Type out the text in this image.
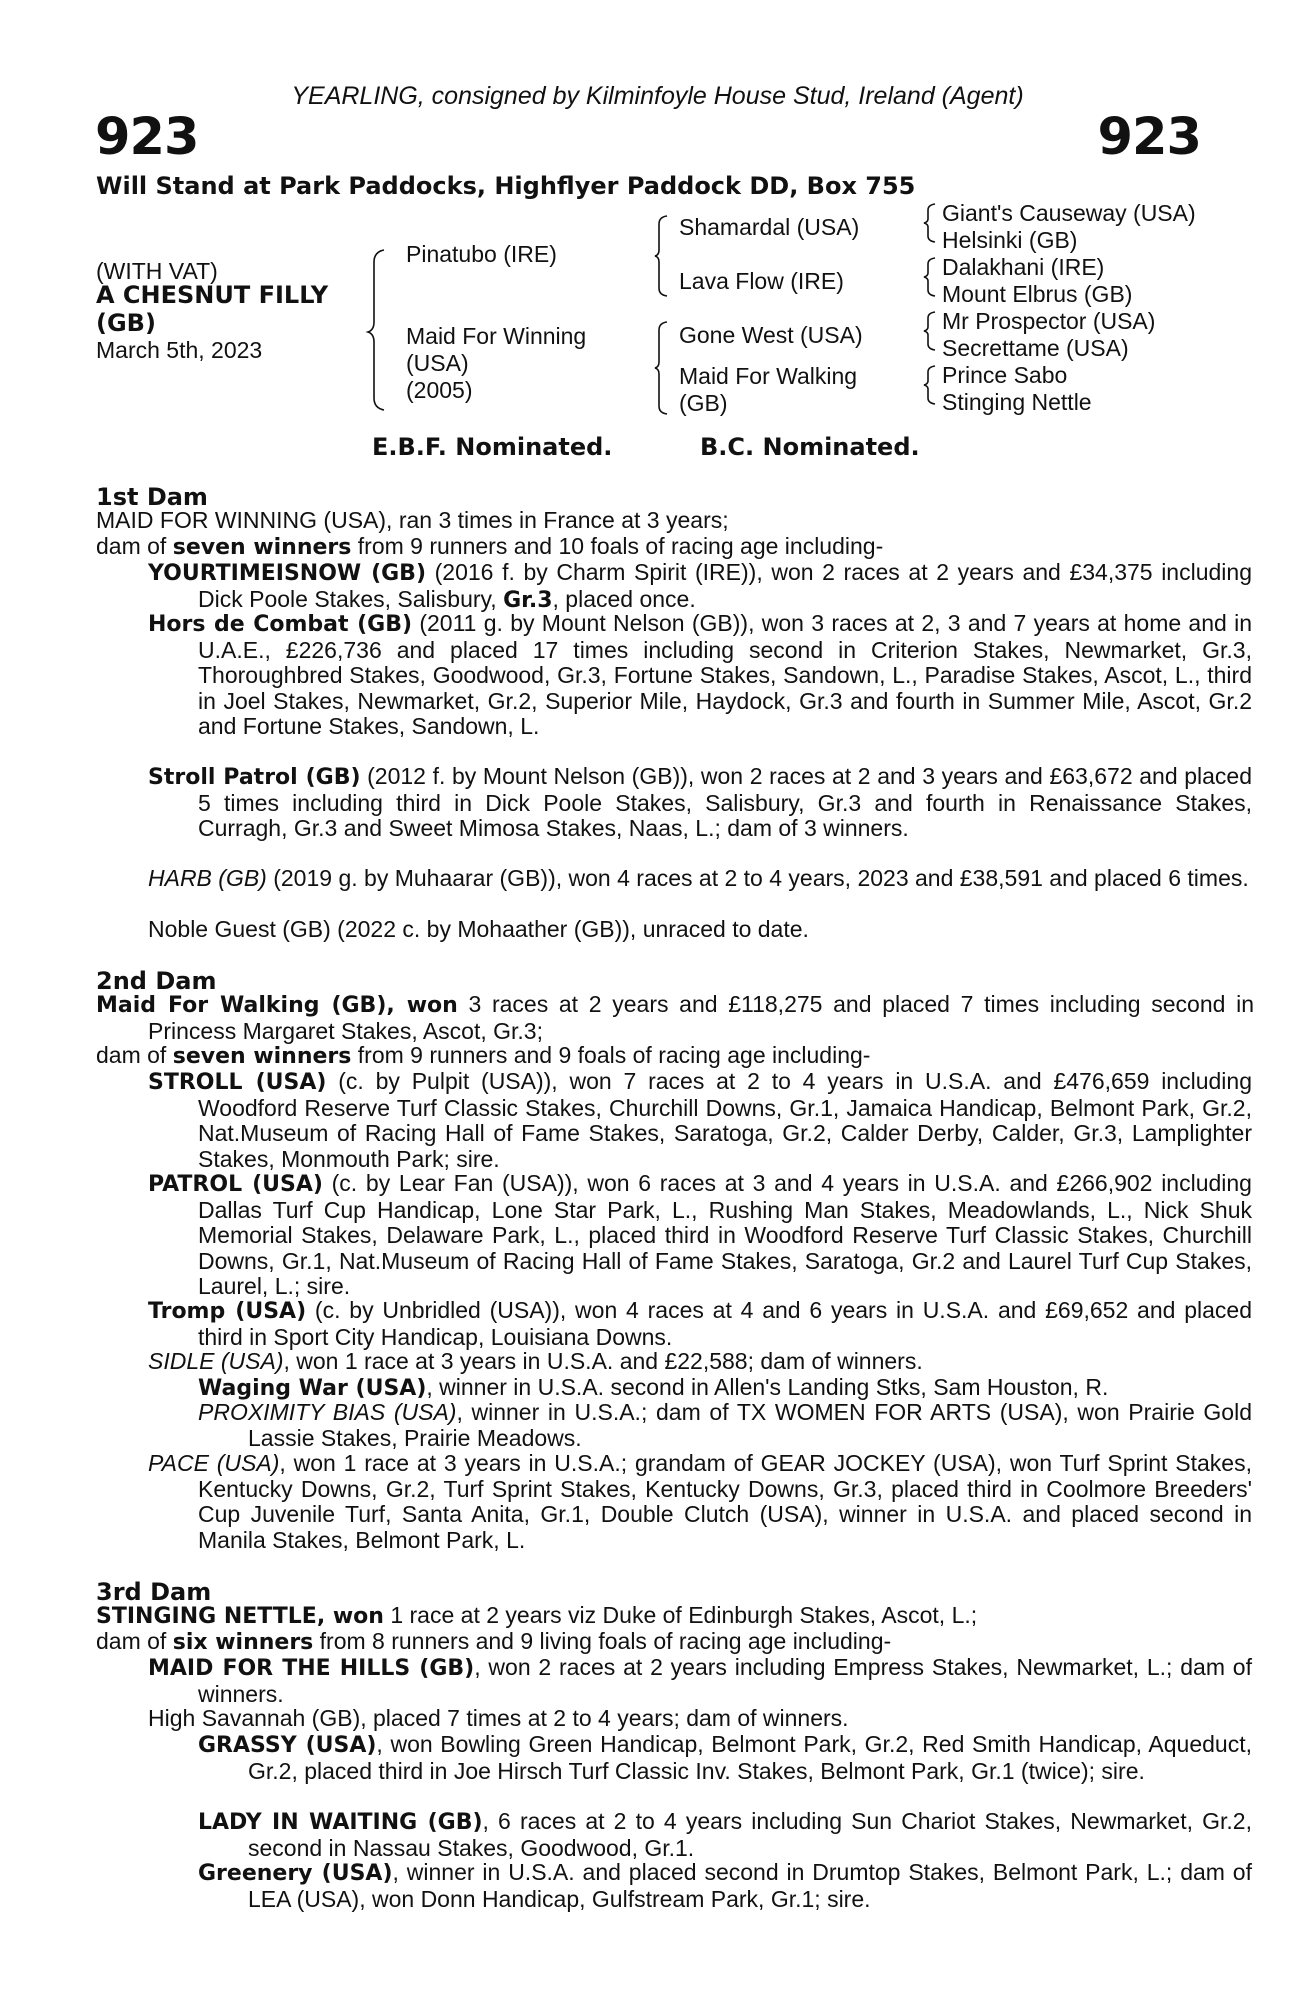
YEARLING, consigned by Kilminfoyle House Stud, Ireland (Agent)
923	923
Will Stand at Park Paddocks, Highflyer Paddock DD, Box 755
(WITH VAT)
A CHESNUT FILLY
(GB)
March 5th, 2023
Pinatubo (IRE)
Maid For Winning
(USA)
(2005)
Shamardal (USA)
Lava Flow (IRE)
Gone West (USA)
Maid For Walking
(GB)
Giant's Causeway (USA)
Helsinki (GB)
Dalakhani (IRE)
Mount Elbrus (GB)
Mr Prospector (USA)
Secrettame (USA)
Prince Sabo
Stinging Nettle
E.B.F. Nominated.	B.C. Nominated.
1st Dam
MAID FOR WINNING (USA), ran 3 times in France at 3 years;
dam of seven winners from 9 runners and 10 foals of racing age including-
YOURTIMEISNOW (GB) (2016 f. by Charm Spirit (IRE)), won 2 races at 2 years and £34,375 including Dick Poole Stakes, Salisbury, Gr.3, placed once.
Hors de Combat (GB) (2011 g. by Mount Nelson (GB)), won 3 races at 2, 3 and 7 years at home and in U.A.E., £226,736 and placed 17 times including second in Criterion Stakes, Newmarket, Gr.3, Thoroughbred Stakes, Goodwood, Gr.3, Fortune Stakes, Sandown, L., Paradise Stakes, Ascot, L., third in Joel Stakes, Newmarket, Gr.2, Superior Mile, Haydock, Gr.3 and fourth in Summer Mile, Ascot, Gr.2 and Fortune Stakes, Sandown, L.
Stroll Patrol (GB) (2012 f. by Mount Nelson (GB)), won 2 races at 2 and 3 years and £63,672 and placed 5 times including third in Dick Poole Stakes, Salisbury, Gr.3 and fourth in Renaissance Stakes, Curragh, Gr.3 and Sweet Mimosa Stakes, Naas, L.; dam of 3 winners.
HARB (GB) (2019 g. by Muhaarar (GB)), won 4 races at 2 to 4 years, 2023 and £38,591 and placed 6 times.
Noble Guest (GB) (2022 c. by Mohaather (GB)), unraced to date.
2nd Dam
Maid For Walking (GB), won 3 races at 2 years and £118,275 and placed 7 times including second in Princess Margaret Stakes, Ascot, Gr.3;
dam of seven winners from 9 runners and 9 foals of racing age including-
STROLL (USA) (c. by Pulpit (USA)), won 7 races at 2 to 4 years in U.S.A. and £476,659 including Woodford Reserve Turf Classic Stakes, Churchill Downs, Gr.1, Jamaica Handicap, Belmont Park, Gr.2, Nat.Museum of Racing Hall of Fame Stakes, Saratoga, Gr.2, Calder Derby, Calder, Gr.3, Lamplighter Stakes, Monmouth Park; sire.
PATROL (USA) (c. by Lear Fan (USA)), won 6 races at 3 and 4 years in U.S.A. and £266,902 including Dallas Turf Cup Handicap, Lone Star Park, L., Rushing Man Stakes, Meadowlands, L., Nick Shuk Memorial Stakes, Delaware Park, L., placed third in Woodford Reserve Turf Classic Stakes, Churchill Downs, Gr.1, Nat.Museum of Racing Hall of Fame Stakes, Saratoga, Gr.2 and Laurel Turf Cup Stakes, Laurel, L.; sire.
Tromp (USA) (c. by Unbridled (USA)), won 4 races at 4 and 6 years in U.S.A. and £69,652 and placed third in Sport City Handicap, Louisiana Downs.
SIDLE (USA), won 1 race at 3 years in U.S.A. and £22,588; dam of winners.
Waging War (USA), winner in U.S.A. second in Allen's Landing Stks, Sam Houston, R.
PROXIMITY BIAS (USA), winner in U.S.A.; dam of TX WOMEN FOR ARTS (USA), won Prairie Gold Lassie Stakes, Prairie Meadows.
PACE (USA), won 1 race at 3 years in U.S.A.; grandam of GEAR JOCKEY (USA), won Turf Sprint Stakes, Kentucky Downs, Gr.2, Turf Sprint Stakes, Kentucky Downs, Gr.3, placed third in Coolmore Breeders' Cup Juvenile Turf, Santa Anita, Gr.1, Double Clutch (USA), winner in U.S.A. and placed second in Manila Stakes, Belmont Park, L.
3rd Dam
STINGING NETTLE, won 1 race at 2 years viz Duke of Edinburgh Stakes, Ascot, L.;
dam of six winners from 8 runners and 9 living foals of racing age including-
MAID FOR THE HILLS (GB), won 2 races at 2 years including Empress Stakes, Newmarket, L.; dam of winners.
High Savannah (GB), placed 7 times at 2 to 4 years; dam of winners.
GRASSY (USA), won Bowling Green Handicap, Belmont Park, Gr.2, Red Smith Handicap, Aqueduct, Gr.2, placed third in Joe Hirsch Turf Classic Inv. Stakes, Belmont Park, Gr.1 (twice); sire.
LADY IN WAITING (GB), 6 races at 2 to 4 years including Sun Chariot Stakes, Newmarket, Gr.2, second in Nassau Stakes, Goodwood, Gr.1.
Greenery (USA), winner in U.S.A. and placed second in Drumtop Stakes, Belmont Park, L.; dam of LEA (USA), won Donn Handicap, Gulfstream Park, Gr.1; sire.
